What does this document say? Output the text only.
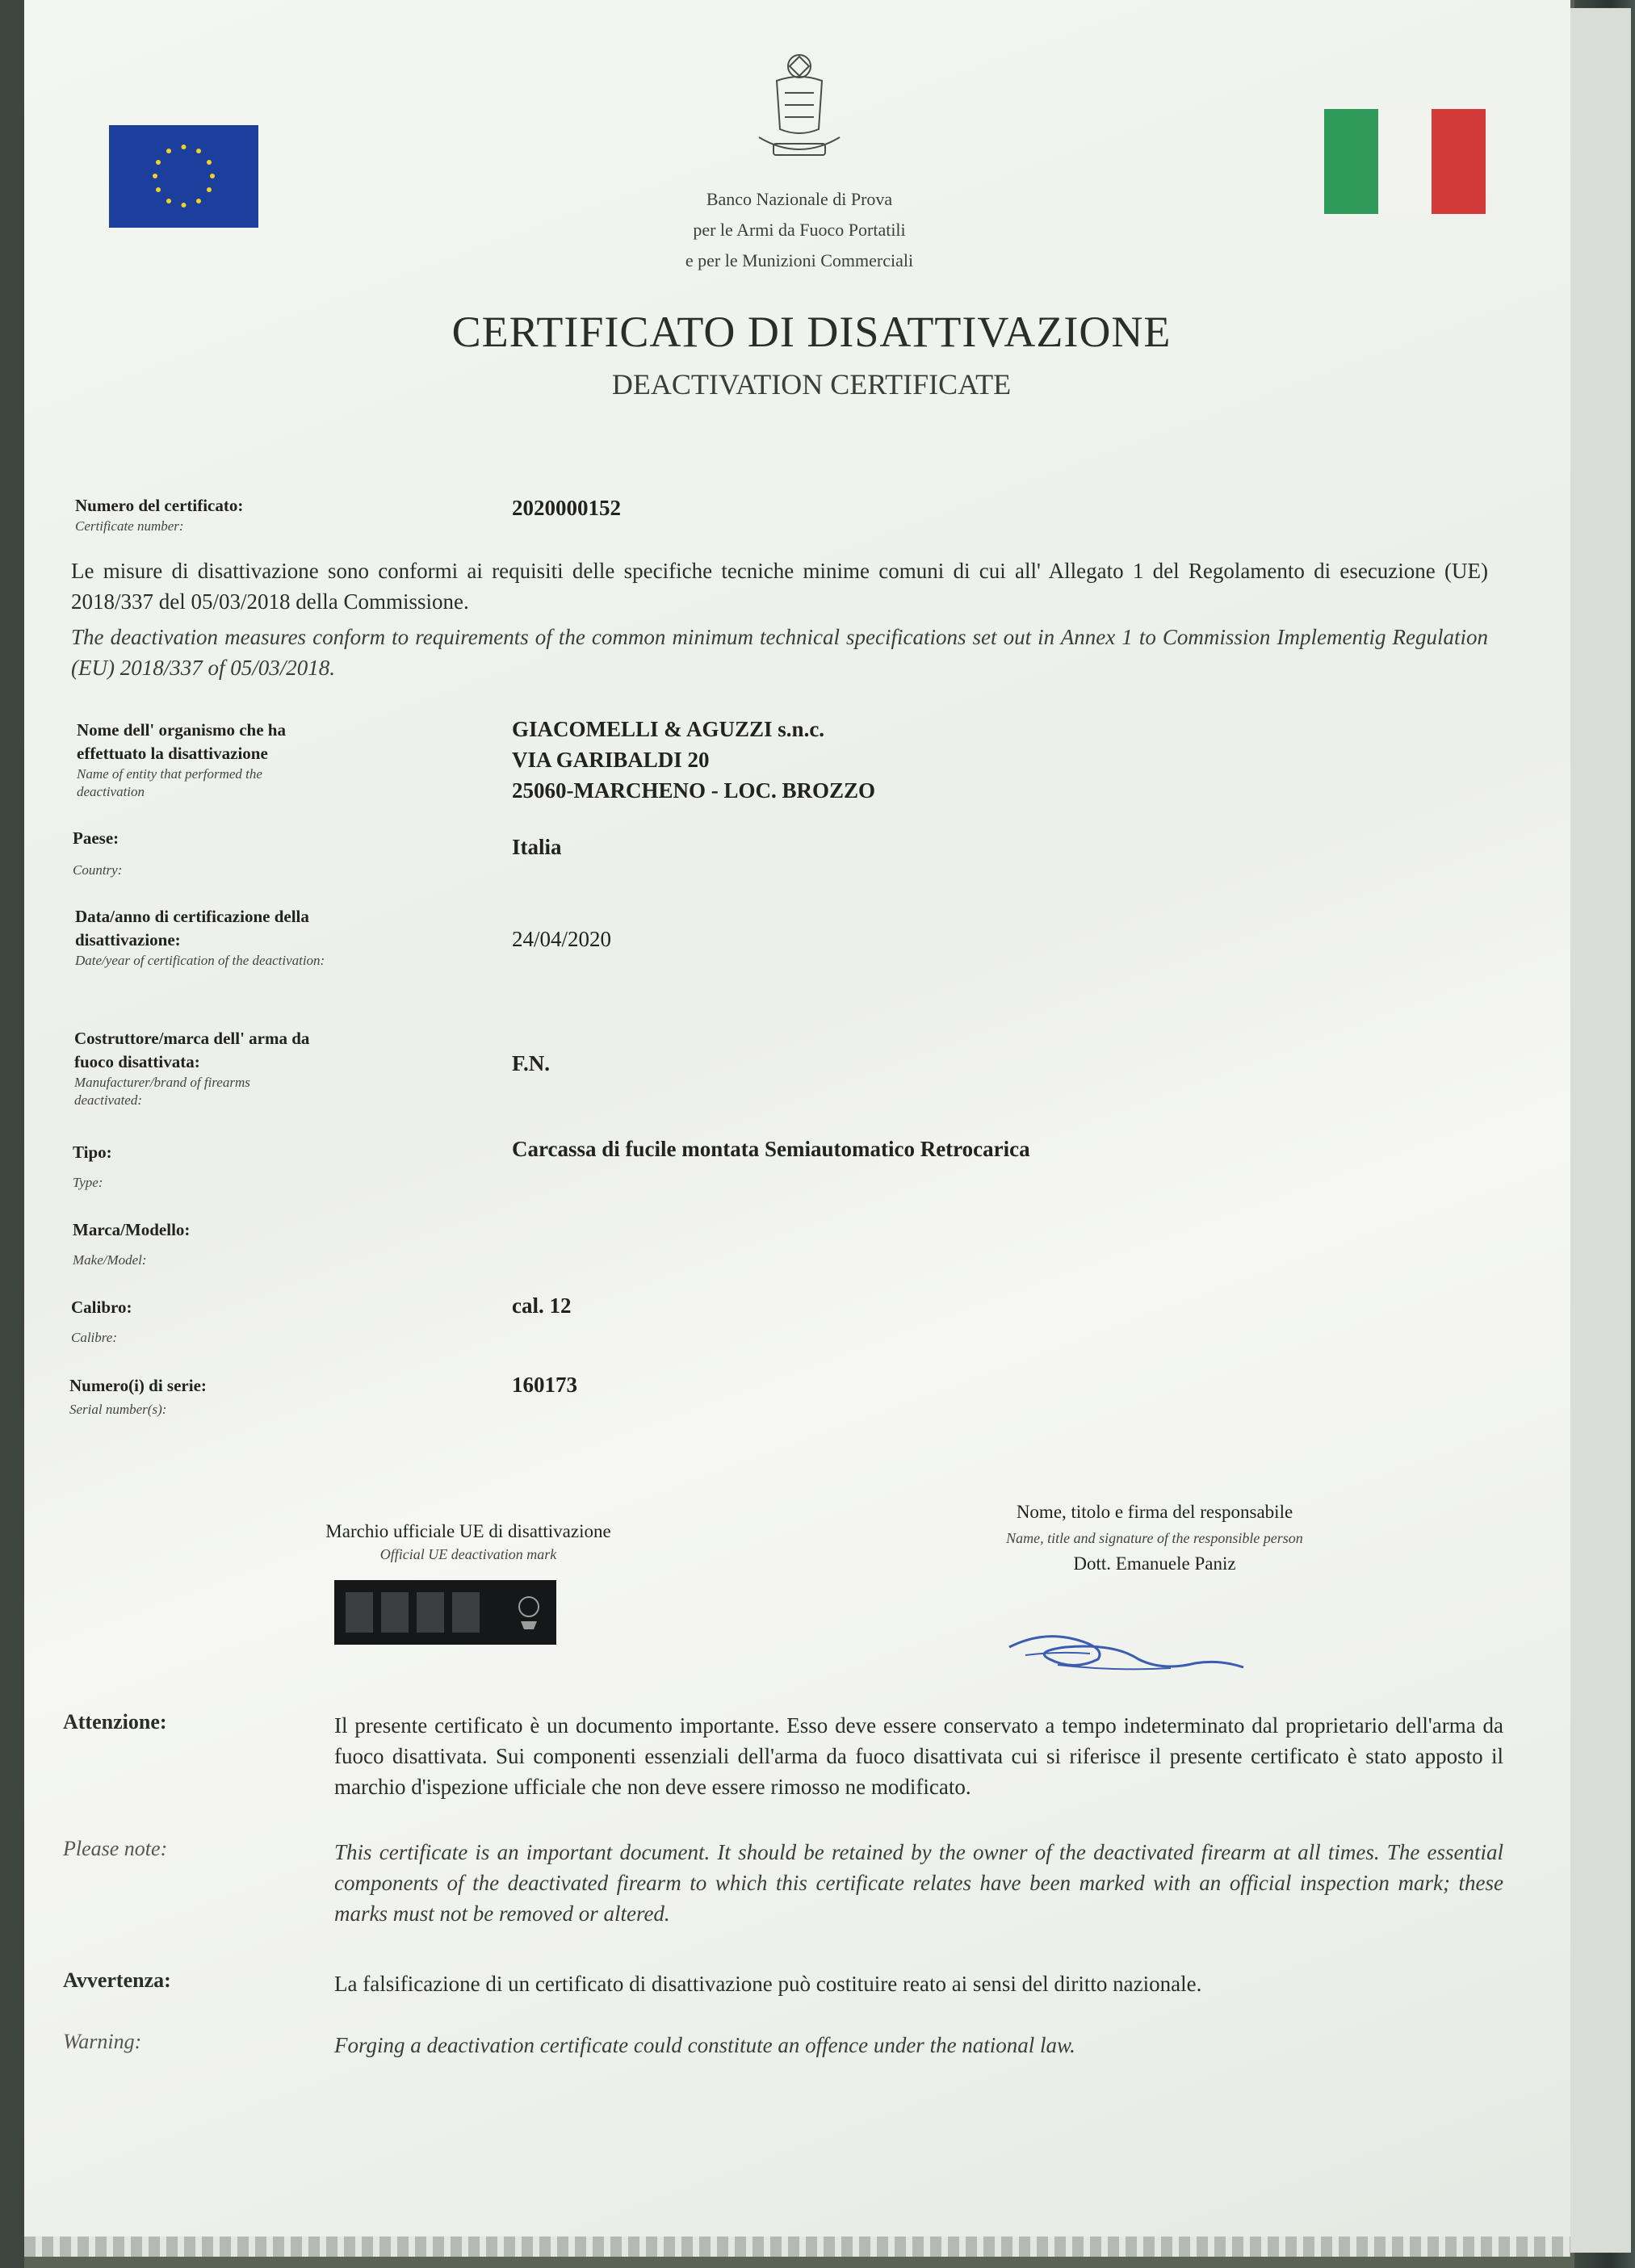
Banco Nazionale di Prova
per le Armi da Fuoco Portatili
e per le Munizioni Commerciali
CERTIFICATO DI DISATTIVAZIONE
DEACTIVATION CERTIFICATE
Numero del certificato:
Certificate number:
2020000152
Le misure di disattivazione sono conformi ai requisiti delle specifiche tecniche minime comuni di cui all' Allegato 1 del Regolamento di esecuzione (UE) 2018/337 del 05/03/2018 della Commissione.
The deactivation measures conform to requirements of the common minimum technical specifications set out in Annex 1 to Commission Implementig Regulation (EU) 2018/337 of 05/03/2018.
Nome dell' organismo che ha
effettuato la disattivazione
Name of entity that performed the
deactivation
GIACOMELLI & AGUZZI s.n.c.
VIA GARIBALDI 20
25060-MARCHENO - LOC. BROZZO
Paese:
Country:
Italia
Data/anno di certificazione della
disattivazione:
Date/year of certification of the deactivation:
24/04/2020
Costruttore/marca dell' arma da
fuoco disattivata:
Manufacturer/brand of firearms
deactivated:
F.N.
Tipo:
Type:
Carcassa di fucile montata Semiautomatico Retrocarica
Marca/Modello:
Make/Model:
Calibro:
Calibre:
cal. 12
Numero(i) di serie:
Serial number(s):
160173
Marchio ufficiale UE di disattivazione
Official UE deactivation mark
Nome, titolo e firma del responsabile
Name, title and signature of the responsible person
Dott. Emanuele Paniz
Attenzione:	Il presente certificato è un documento importante. Esso deve essere conservato a tempo indeterminato dal proprietario dell'arma da fuoco disattivata. Sui componenti essenziali dell'arma da fuoco disattivata cui si riferisce il presente certificato è stato apposto il marchio d'ispezione ufficiale che non deve essere rimosso ne modificato.
Please note:	This certificate is an important document. It should be retained by the owner of the deactivated firearm at all times. The essential components of the deactivated firearm to which this certificate relates have been marked with an official inspection mark; these marks must not be removed or altered.
Avvertenza:	La falsificazione di un certificato di disattivazione può costituire reato ai sensi del diritto nazionale.
Warning:	Forging a deactivation certificate could constitute an offence under the national law.
